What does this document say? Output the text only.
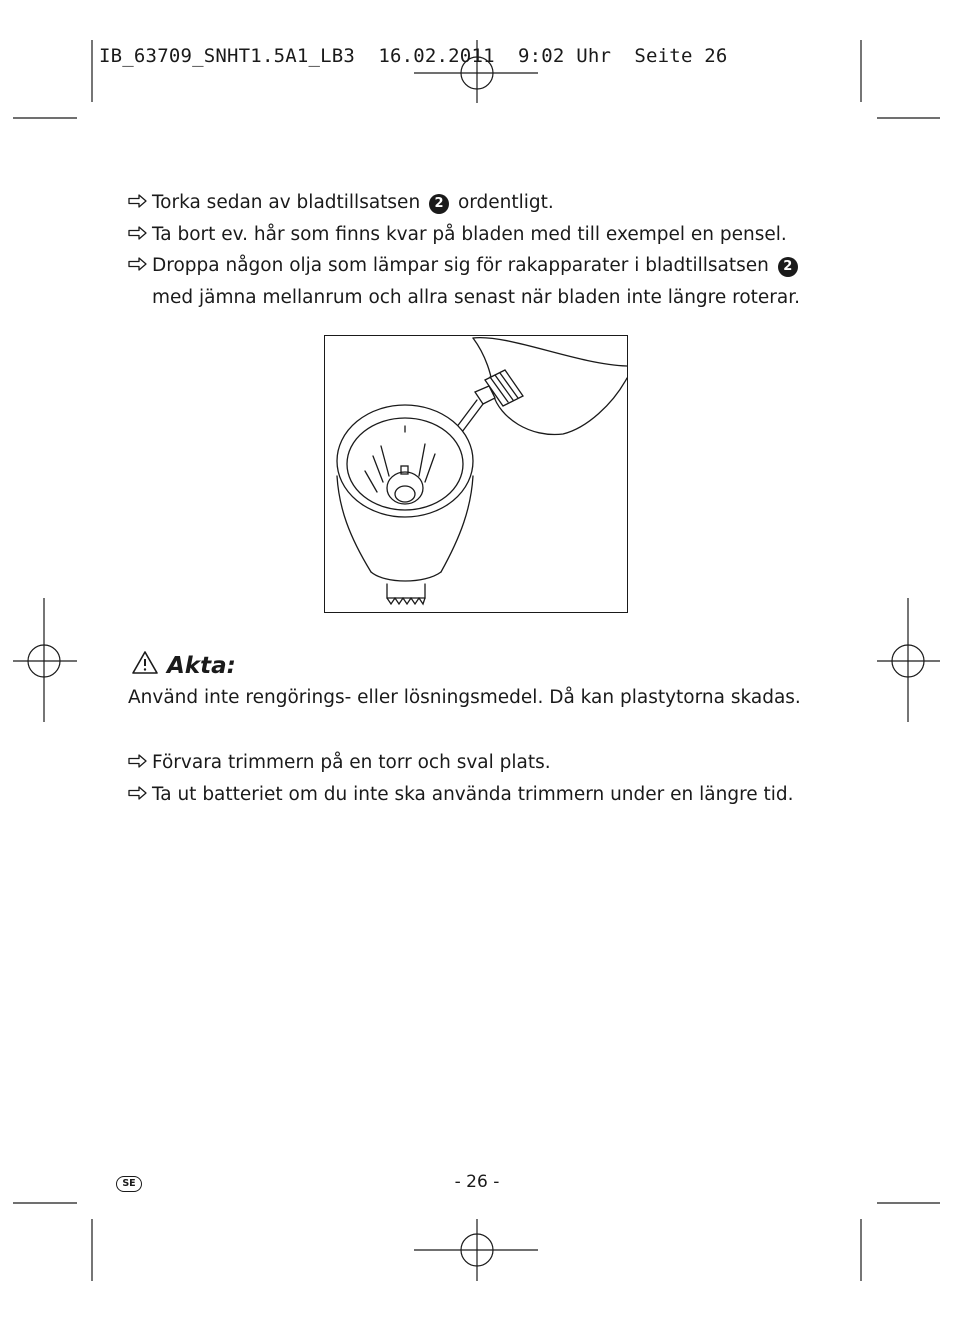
IB_63709_SNHT1.5A1_LB3  16.02.2011  9:02 Uhr  Seite 26
Torka sedan av bladtillsatsen 2 ordentligt.
Ta bort ev. hår som finns kvar på bladen med till exempel en pensel.
Droppa någon olja som lämpar sig för rakapparater i bladtillsatsen 2
med jämna mellanrum och allra senast när bladen inte längre roterar.
Akta:
Använd inte rengörings- eller lösningsmedel. Då kan plastytorna skadas.
Förvara trimmern på en torr och sval plats.
Ta ut batteriet om du inte ska använda trimmern under en längre tid.
SE	- 26 -
